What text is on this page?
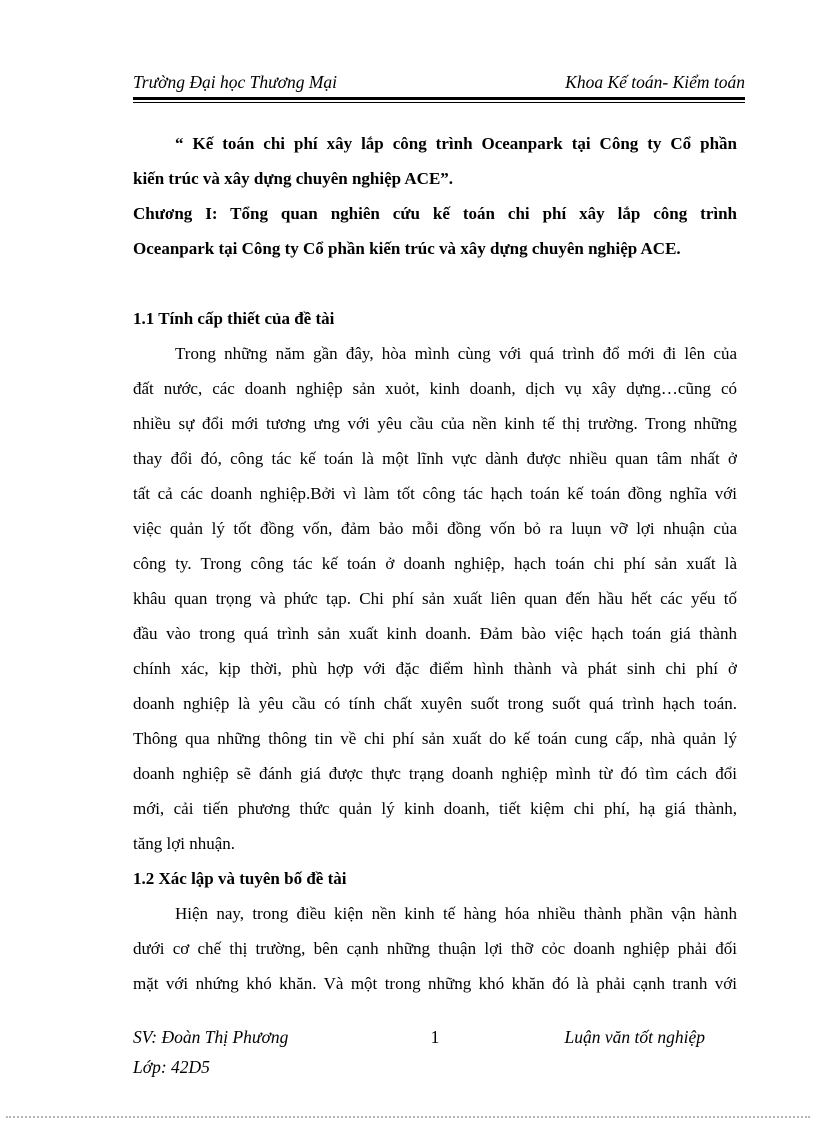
Trường Đại học Thương Mại	Khoa Kế toán- Kiểm toán
“ Kế toán chi phí xây lắp công trình Oceanpark tại Công ty Cổ phần
kiến trúc và xây dựng chuyên nghiệp ACE”.
Chương I: Tổng quan nghiên cứu kế toán chi phí xây lắp công trình
Oceanpark tại Công ty Cổ phần kiến trúc và xây dựng chuyên nghiệp ACE.
1.1 Tính cấp thiết của đề tài
Trong những năm gần đây, hòa mình cùng với quá trình đổ mới đi lên của
đất nước, các doanh nghiệp sản xuỏt, kinh doanh, dịch vụ xây dựng…cũng có
nhiều sự đổi mới tương ưng với yêu cầu của nền kinh tế thị trường. Trong những
thay đổi đó, công tác kế toán là một lĩnh vực dành được nhiều quan tâm nhất ở
tất cả các doanh nghiệp.Bởi vì làm tốt công tác hạch toán kế toán đồng nghĩa với
việc quản lý tốt đồng vốn, đảm bảo mỗi đồng vốn bỏ ra luụn vỡ lợi nhuận của
công ty. Trong công tác kế toán ở doanh nghiệp, hạch toán chi phí sản xuất là
khâu quan trọng và phức tạp. Chi phí sản xuất liên quan đến hầu hết các yếu tố
đầu vào trong quá trình sản xuất kinh doanh. Đảm bào việc hạch toán giá thành
chính xác, kịp thời, phù hợp với đặc điểm hình thành và phát sinh chi phí ở
doanh nghiệp là yêu cầu có tính chất xuyên suốt trong suốt quá trình hạch toán.
Thông qua những thông tin về chi phí sản xuất do kế toán cung cấp, nhà quản lý
doanh nghiệp sẽ đánh giá được thực trạng doanh nghiệp mình từ đó tìm cách đổi
mới, cải tiến phương thức quản lý kinh doanh, tiết kiệm chi phí, hạ giá thành,
tăng lợi nhuận.
1.2 Xác lập và tuyên bố đề tài
Hiện nay, trong điều kiện nền kinh tế hàng hóa nhiều thành phần vận hành
dưới cơ chế thị trường, bên cạnh những thuận lợi thỡ cỏc doanh nghiệp phải đối
mặt với nhứng khó khăn. Và một trong những khó khăn đó là phải cạnh tranh với
SV: Đoàn Thị Phương
Lớp: 42D5
1	Luận văn tốt nghiệp
